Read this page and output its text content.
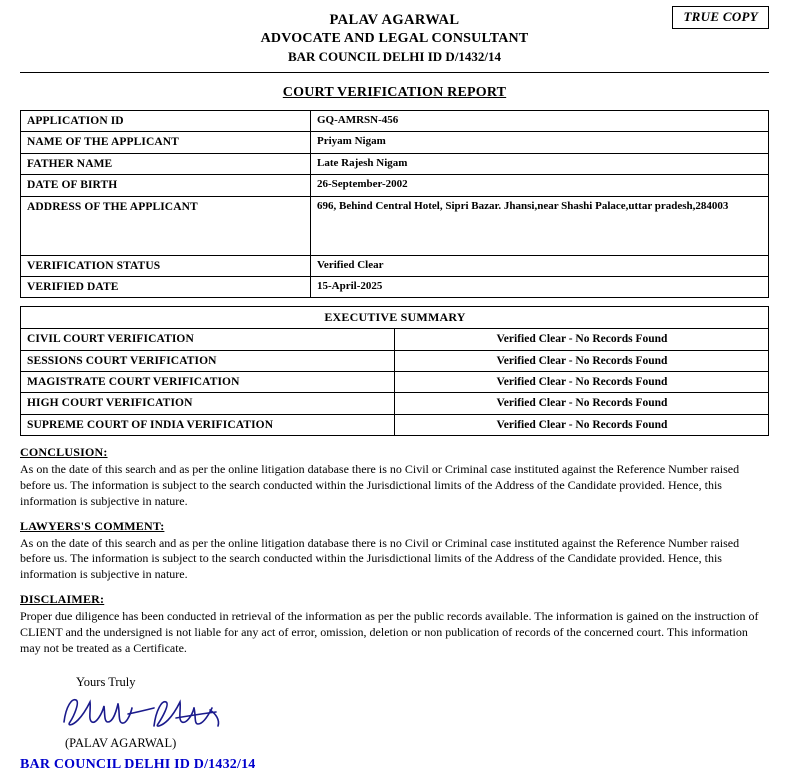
TRUE COPY
PALAV AGARWAL
ADVOCATE AND LEGAL CONSULTANT
BAR COUNCIL DELHI ID D/1432/14
COURT VERIFICATION REPORT
APPLICATION ID	GQ-AMRSN-456
NAME OF THE APPLICANT	Priyam Nigam
FATHER NAME	Late Rajesh Nigam
DATE OF BIRTH	26-September-2002
ADDRESS OF THE APPLICANT	696, Behind Central Hotel, Sipri Bazar. Jhansi,near Shashi Palace,uttar pradesh,284003
VERIFICATION STATUS	Verified Clear
VERIFIED DATE	15-April-2025
EXECUTIVE SUMMARY	
CIVIL COURT VERIFICATION	Verified Clear - No Records Found
SESSIONS COURT VERIFICATION	Verified Clear - No Records Found
MAGISTRATE COURT VERIFICATION	Verified Clear - No Records Found
HIGH COURT VERIFICATION	Verified Clear - No Records Found
SUPREME COURT OF INDIA VERIFICATION	Verified Clear - No Records Found
CONCLUSION:
As on the date of this search and as per the online litigation database there is no Civil or Criminal case instituted against the Reference Number raised before us. The information is subject to the search conducted within the Jurisdictional limits of the Address of the Candidate provided. Hence, this information is subjective in nature.
LAWYERS'S COMMENT:
As on the date of this search and as per the online litigation database there is no Civil or Criminal case instituted against the Reference Number raised before us. The information is subject to the search conducted within the Jurisdictional limits of the Address of the Candidate provided. Hence, this information is subjective in nature.
DISCLAIMER:
Proper due diligence has been conducted in retrieval of the information as per the public records available. The information is gained on the instruction of CLIENT and the undersigned is not liable for any act of error, omission, deletion or non publication of records of the concerned court. This information may not be treated as a Certificate.
Yours Truly
(PALAV AGARWAL)
BAR COUNCIL DELHI ID D/1432/14
